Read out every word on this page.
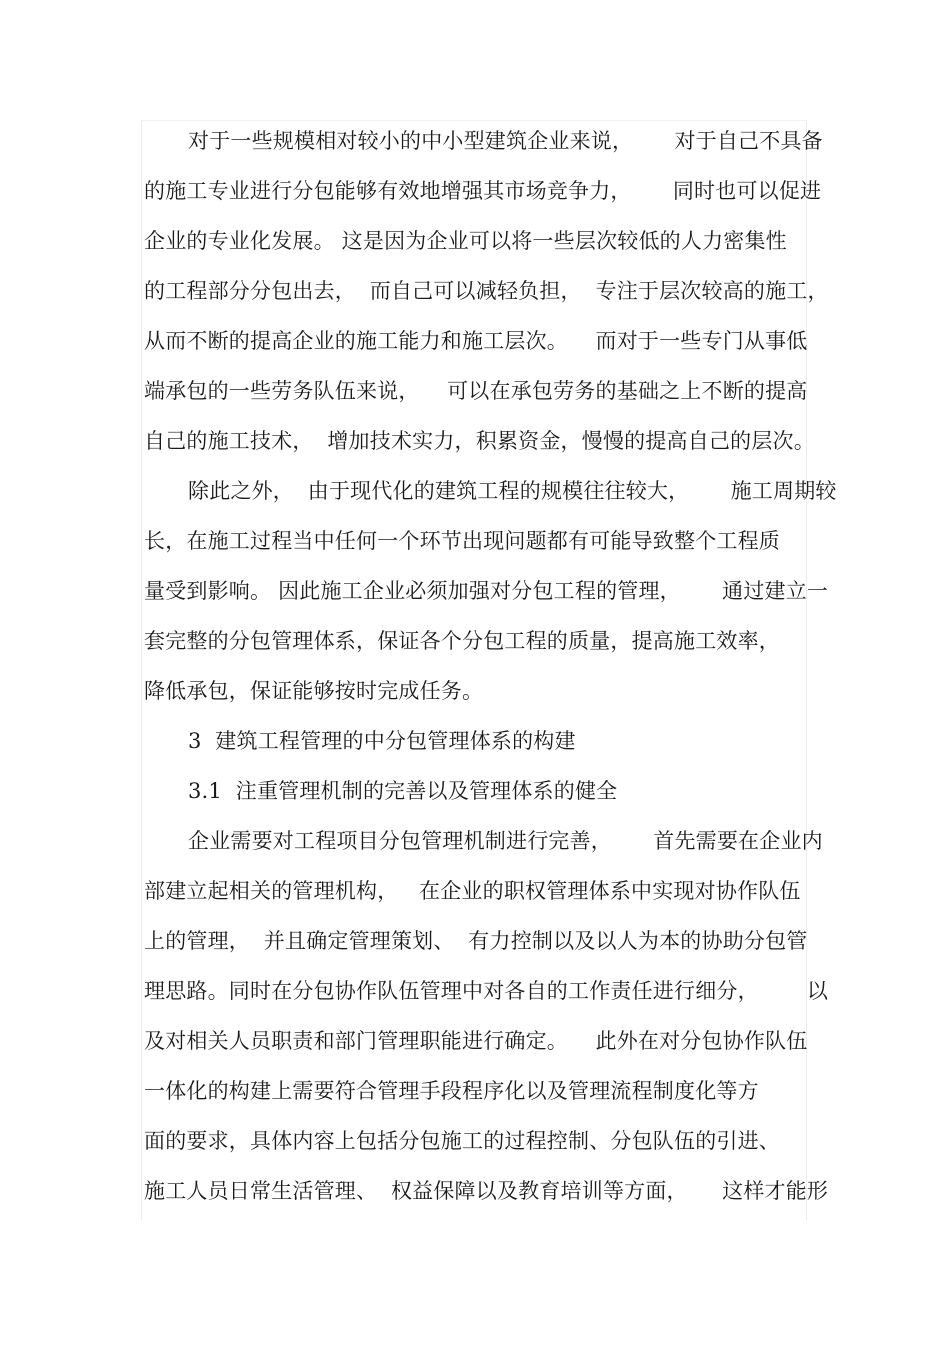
对于一些规模相对较小的中小型建筑企业来说，      对于自己不具备
的施工专业进行分包能够有效地增强其市场竞争力，      同时也可以促进
企业的专业化发展。 这是因为企业可以将一些层次较低的人力密集性
的工程部分分包出去，  而自己可以减轻负担，  专注于层次较高的施工，
从而不断的提高企业的施工能力和施工层次。    而对于一些专门从事低
端承包的一些劳务队伍来说，    可以在承包劳务的基础之上不断的提高
自己的施工技术，  增加技术实力，积累资金，慢慢的提高自己的层次。
除此之外，  由于现代化的建筑工程的规模往往较大，      施工周期较
长，在施工过程当中任何一个环节出现问题都有可能导致整个工程质
量受到影响。 因此施工企业必须加强对分包工程的管理，      通过建立一
套完整的分包管理体系，保证各个分包工程的质量，提高施工效率，
降低承包，保证能够按时完成任务。
3  建筑工程管理的中分包管理体系的构建
3.1  注重管理机制的完善以及管理体系的健全
企业需要对工程项目分包管理机制进行完善，      首先需要在企业内
部建立起相关的管理机构，   在企业的职权管理体系中实现对协作队伍
上的管理，  并且确定管理策划、  有力控制以及以人为本的协助分包管
理思路。同时在分包协作队伍管理中对各自的工作责任进行细分，       以
及对相关人员职责和部门管理职能进行确定。    此外在对分包协作队伍
一体化的构建上需要符合管理手段程序化以及管理流程制度化等方
面的要求，具体内容上包括分包施工的过程控制、分包队伍的引进、
施工人员日常生活管理、  权益保障以及教育培训等方面，     这样才能形
